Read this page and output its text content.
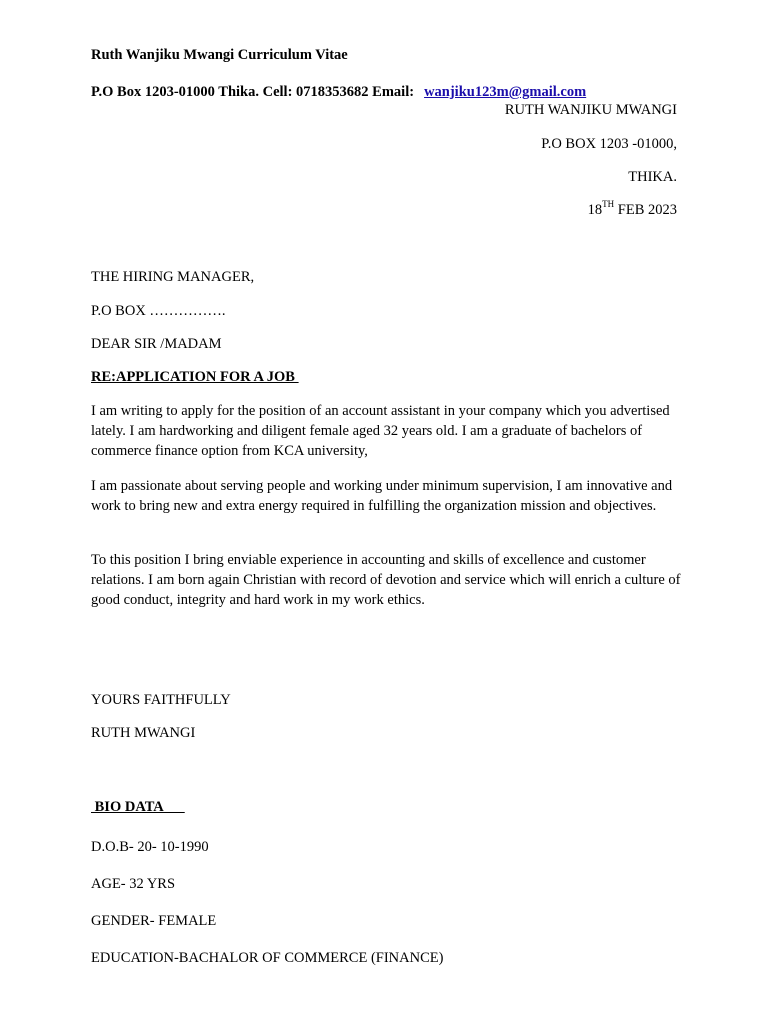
Ruth Wanjiku Mwangi Curriculum Vitae
P.O Box 1203-01000 Thika. Cell: 0718353682 Email: wanjiku123m@gmail.com
RUTH WANJIKU MWANGI
P.O BOX 1203 -01000,
THIKA.
18TH FEB 2023
THE HIRING MANAGER,
P.O BOX …………….
DEAR SIR /MADAM
RE:APPLICATION FOR A JOB
I am writing to apply for the position of an account assistant in your company which you advertised lately. I am hardworking and diligent female aged 32 years old. I am a graduate of bachelors of commerce finance option from KCA university,
I am passionate about serving people and working under minimum supervision, I am innovative and work to bring new and extra energy required in fulfilling the organization mission and objectives.
To this position I bring enviable experience in accounting and skills of excellence and customer relations. I am born again Christian with record of devotion and service which will enrich a culture of good conduct, integrity and hard work in my work ethics.
YOURS FAITHFULLY
RUTH MWANGI
BIO DATA
D.O.B- 20- 10-1990
AGE- 32 YRS
GENDER- FEMALE
EDUCATION-BACHALOR OF COMMERCE (FINANCE)
